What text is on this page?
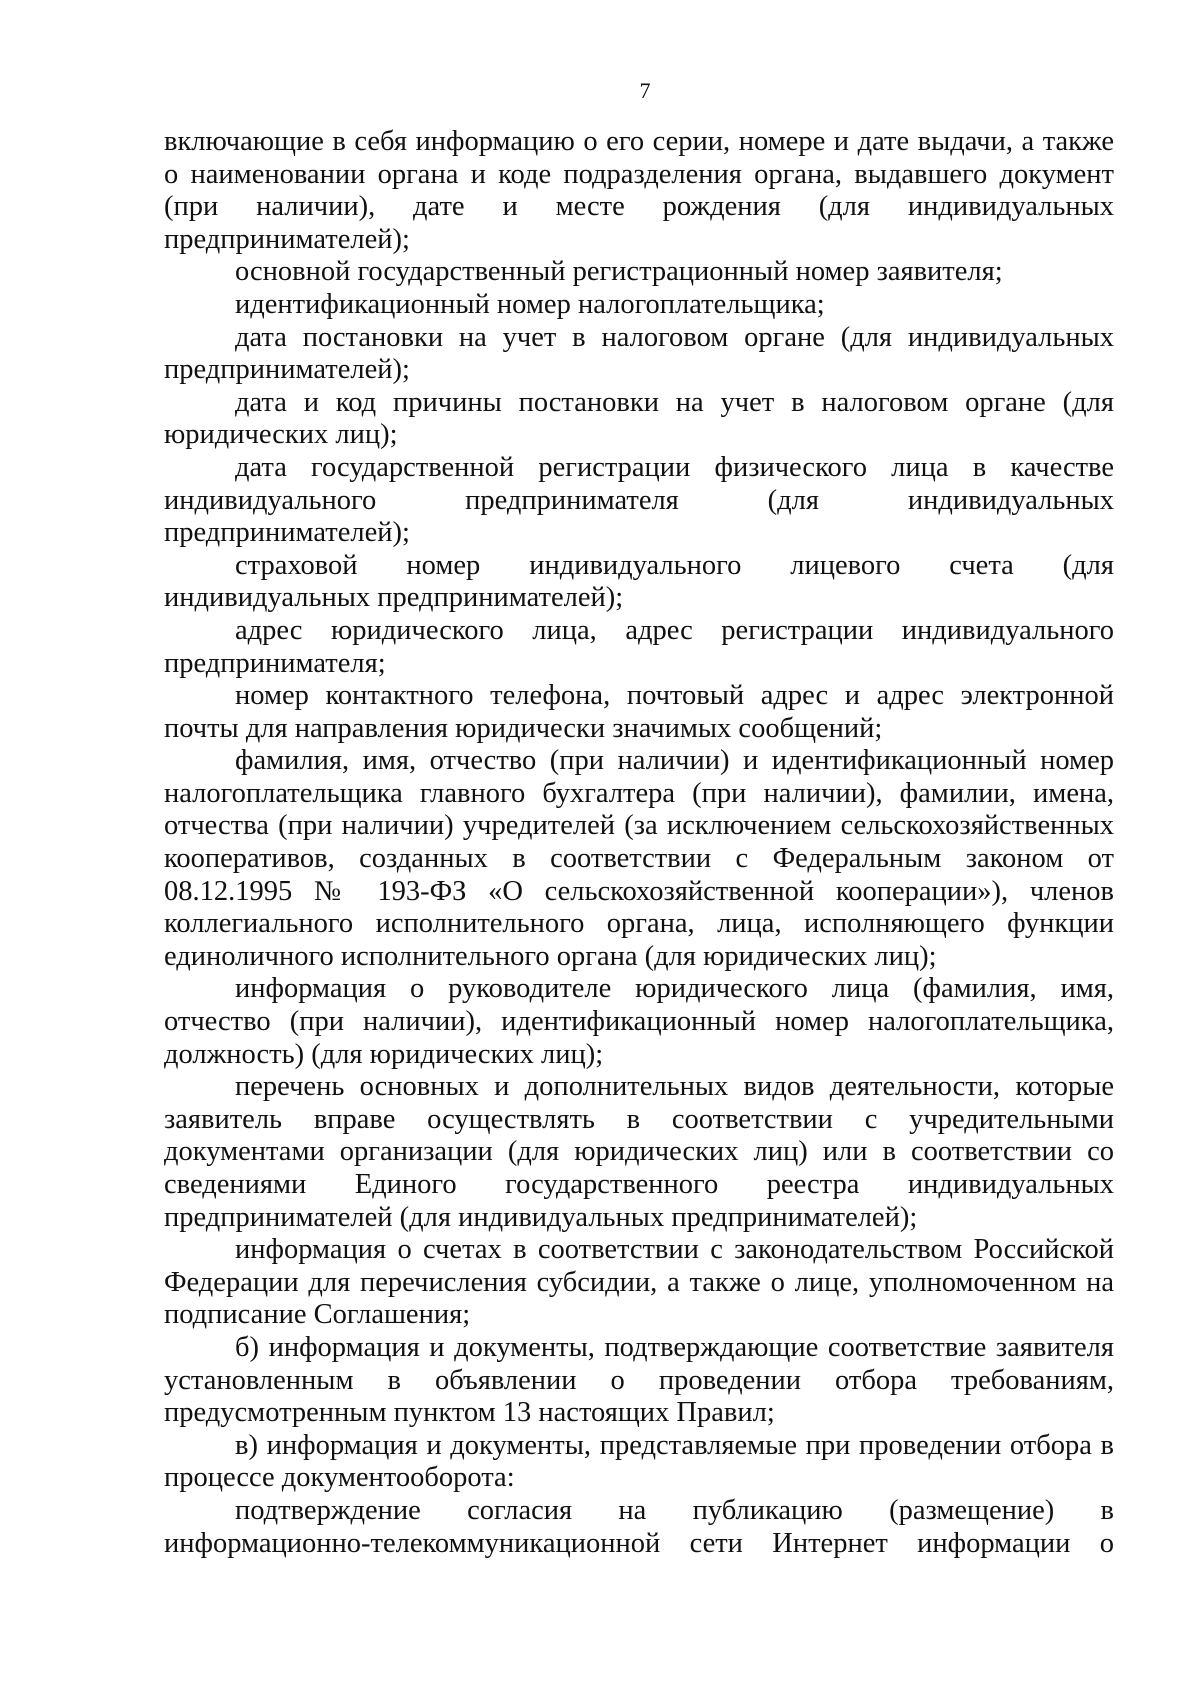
7

включающие в себя информацию о его серии, номере и дате выдачи, а также о наименовании органа и коде подразделения органа, выдавшего документ (при наличии), дате и месте рождения (для индивидуальных предпринимателей);

основной государственный регистрационный номер заявителя;

идентификационный номер налогоплательщика;

дата постановки на учет в налоговом органе (для индивидуальных предпринимателей);

дата и код причины постановки на учет в налоговом органе (для юридических лиц);

дата государственной регистрации физического лица в качестве индивидуального предпринимателя (для индивидуальных предпринимателей);

страховой номер индивидуального лицевого счета (для индивидуальных предпринимателей);

адрес юридического лица, адрес регистрации индивидуального предпринимателя;

номер контактного телефона, почтовый адрес и адрес электронной почты для направления юридически значимых сообщений;

фамилия, имя, отчество (при наличии) и идентификационный номер налогоплательщика главного бухгалтера (при наличии), фамилии, имена, отчества (при наличии) учредителей (за исключением сельскохозяйственных кооперативов, созданных в соответствии с Федеральным законом от 08.12.1995 № 193-ФЗ «О сельскохозяйственной кооперации»), членов коллегиального исполнительного органа, лица, исполняющего функции единоличного исполнительного органа (для юридических лиц);

информация о руководителе юридического лица (фамилия, имя, отчество (при наличии), идентификационный номер налогоплательщика, должность) (для юридических лиц);

перечень основных и дополнительных видов деятельности, которые заявитель вправе осуществлять в соответствии с учредительными документами организации (для юридических лиц) или в соответствии со сведениями Единого государственного реестра индивидуальных предпринимателей (для индивидуальных предпринимателей);

информация о счетах в соответствии с законодательством Российской Федерации для перечисления субсидии, а также о лице, уполномоченном на подписание Соглашения;

б) информация и документы, подтверждающие соответствие заявителя установленным в объявлении о проведении отбора требованиям, предусмотренным пунктом 13 настоящих Правил;

в) информация и документы, представляемые при проведении отбора в процессе документооборота:

подтверждение согласия на публикацию (размещение) в информационно-телекоммуникационной сети Интернет информации о
